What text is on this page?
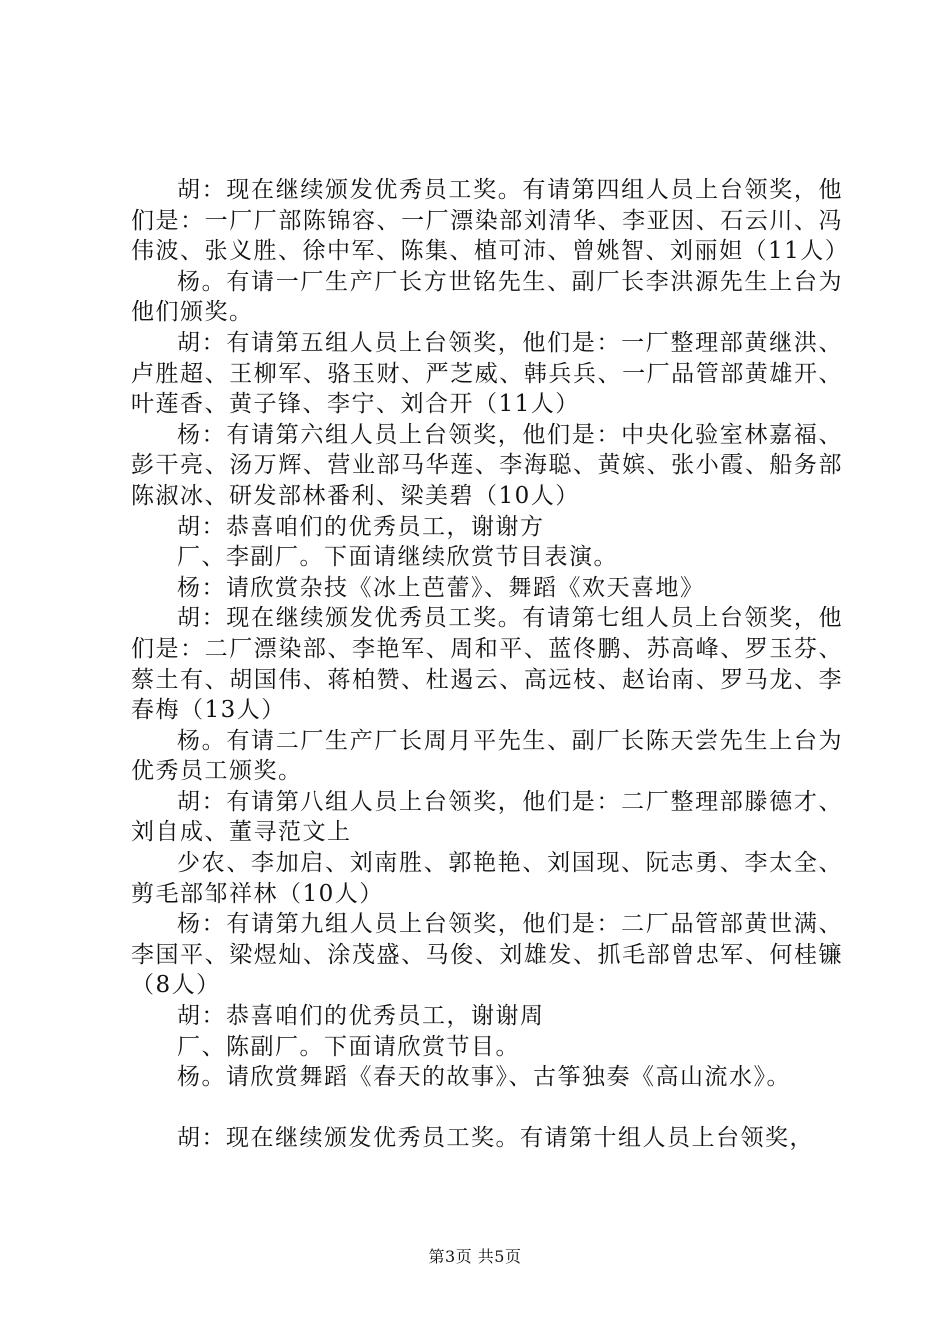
胡：现在继续颁发优秀员工奖。有请第四组人员上台领奖，他们是：一厂厂部陈锦容、一厂漂染部刘清华、李亚因、石云川、冯伟波、张义胜、徐中军、陈集、植可沛、曾姚智、刘丽妲（11人）

杨。有请一厂生产厂长方世铭先生、副厂长李洪源先生上台为他们颁奖。

胡：有请第五组人员上台领奖，他们是：一厂整理部黄继洪、卢胜超、王柳军、骆玉财、严芝威、韩兵兵、一厂品管部黄雄开、叶莲香、黄子锋、李宁、刘合开（11人）

杨：有请第六组人员上台领奖，他们是：中央化验室林嘉福、彭干亮、汤万辉、营业部马华莲、李海聪、黄嫔、张小霞、船务部陈淑冰、研发部林番利、梁美碧（10人）

胡：恭喜咱们的优秀员工，谢谢方

厂、李副厂。下面请继续欣赏节目表演。

杨：请欣赏杂技《冰上芭蕾》、舞蹈《欢天喜地》

胡：现在继续颁发优秀员工奖。有请第七组人员上台领奖，他们是：二厂漂染部、李艳军、周和平、蓝佟鹏、苏高峰、罗玉芬、蔡土有、胡国伟、蒋柏赞、杜遏云、高远枝、赵诒南、罗马龙、李春梅（13人）

杨。有请二厂生产厂长周月平先生、副厂长陈天尝先生上台为优秀员工颁奖。

胡：有请第八组人员上台领奖，他们是：二厂整理部滕德才、刘自成、董寻范文上

少农、李加启、刘南胜、郭艳艳、刘国现、阮志勇、李太全、剪毛部邹祥林（10人）

杨：有请第九组人员上台领奖，他们是：二厂品管部黄世满、李国平、梁煜灿、涂茂盛、马俊、刘雄发、抓毛部曾忠军、何桂镰（8人）

胡：恭喜咱们的优秀员工，谢谢周

厂、陈副厂。下面请欣赏节目。

杨。请欣赏舞蹈《春天的故事》、古筝独奏《高山流水》。

胡：现在继续颁发优秀员工奖。有请第十组人员上台领奖，

第3页 共5页
